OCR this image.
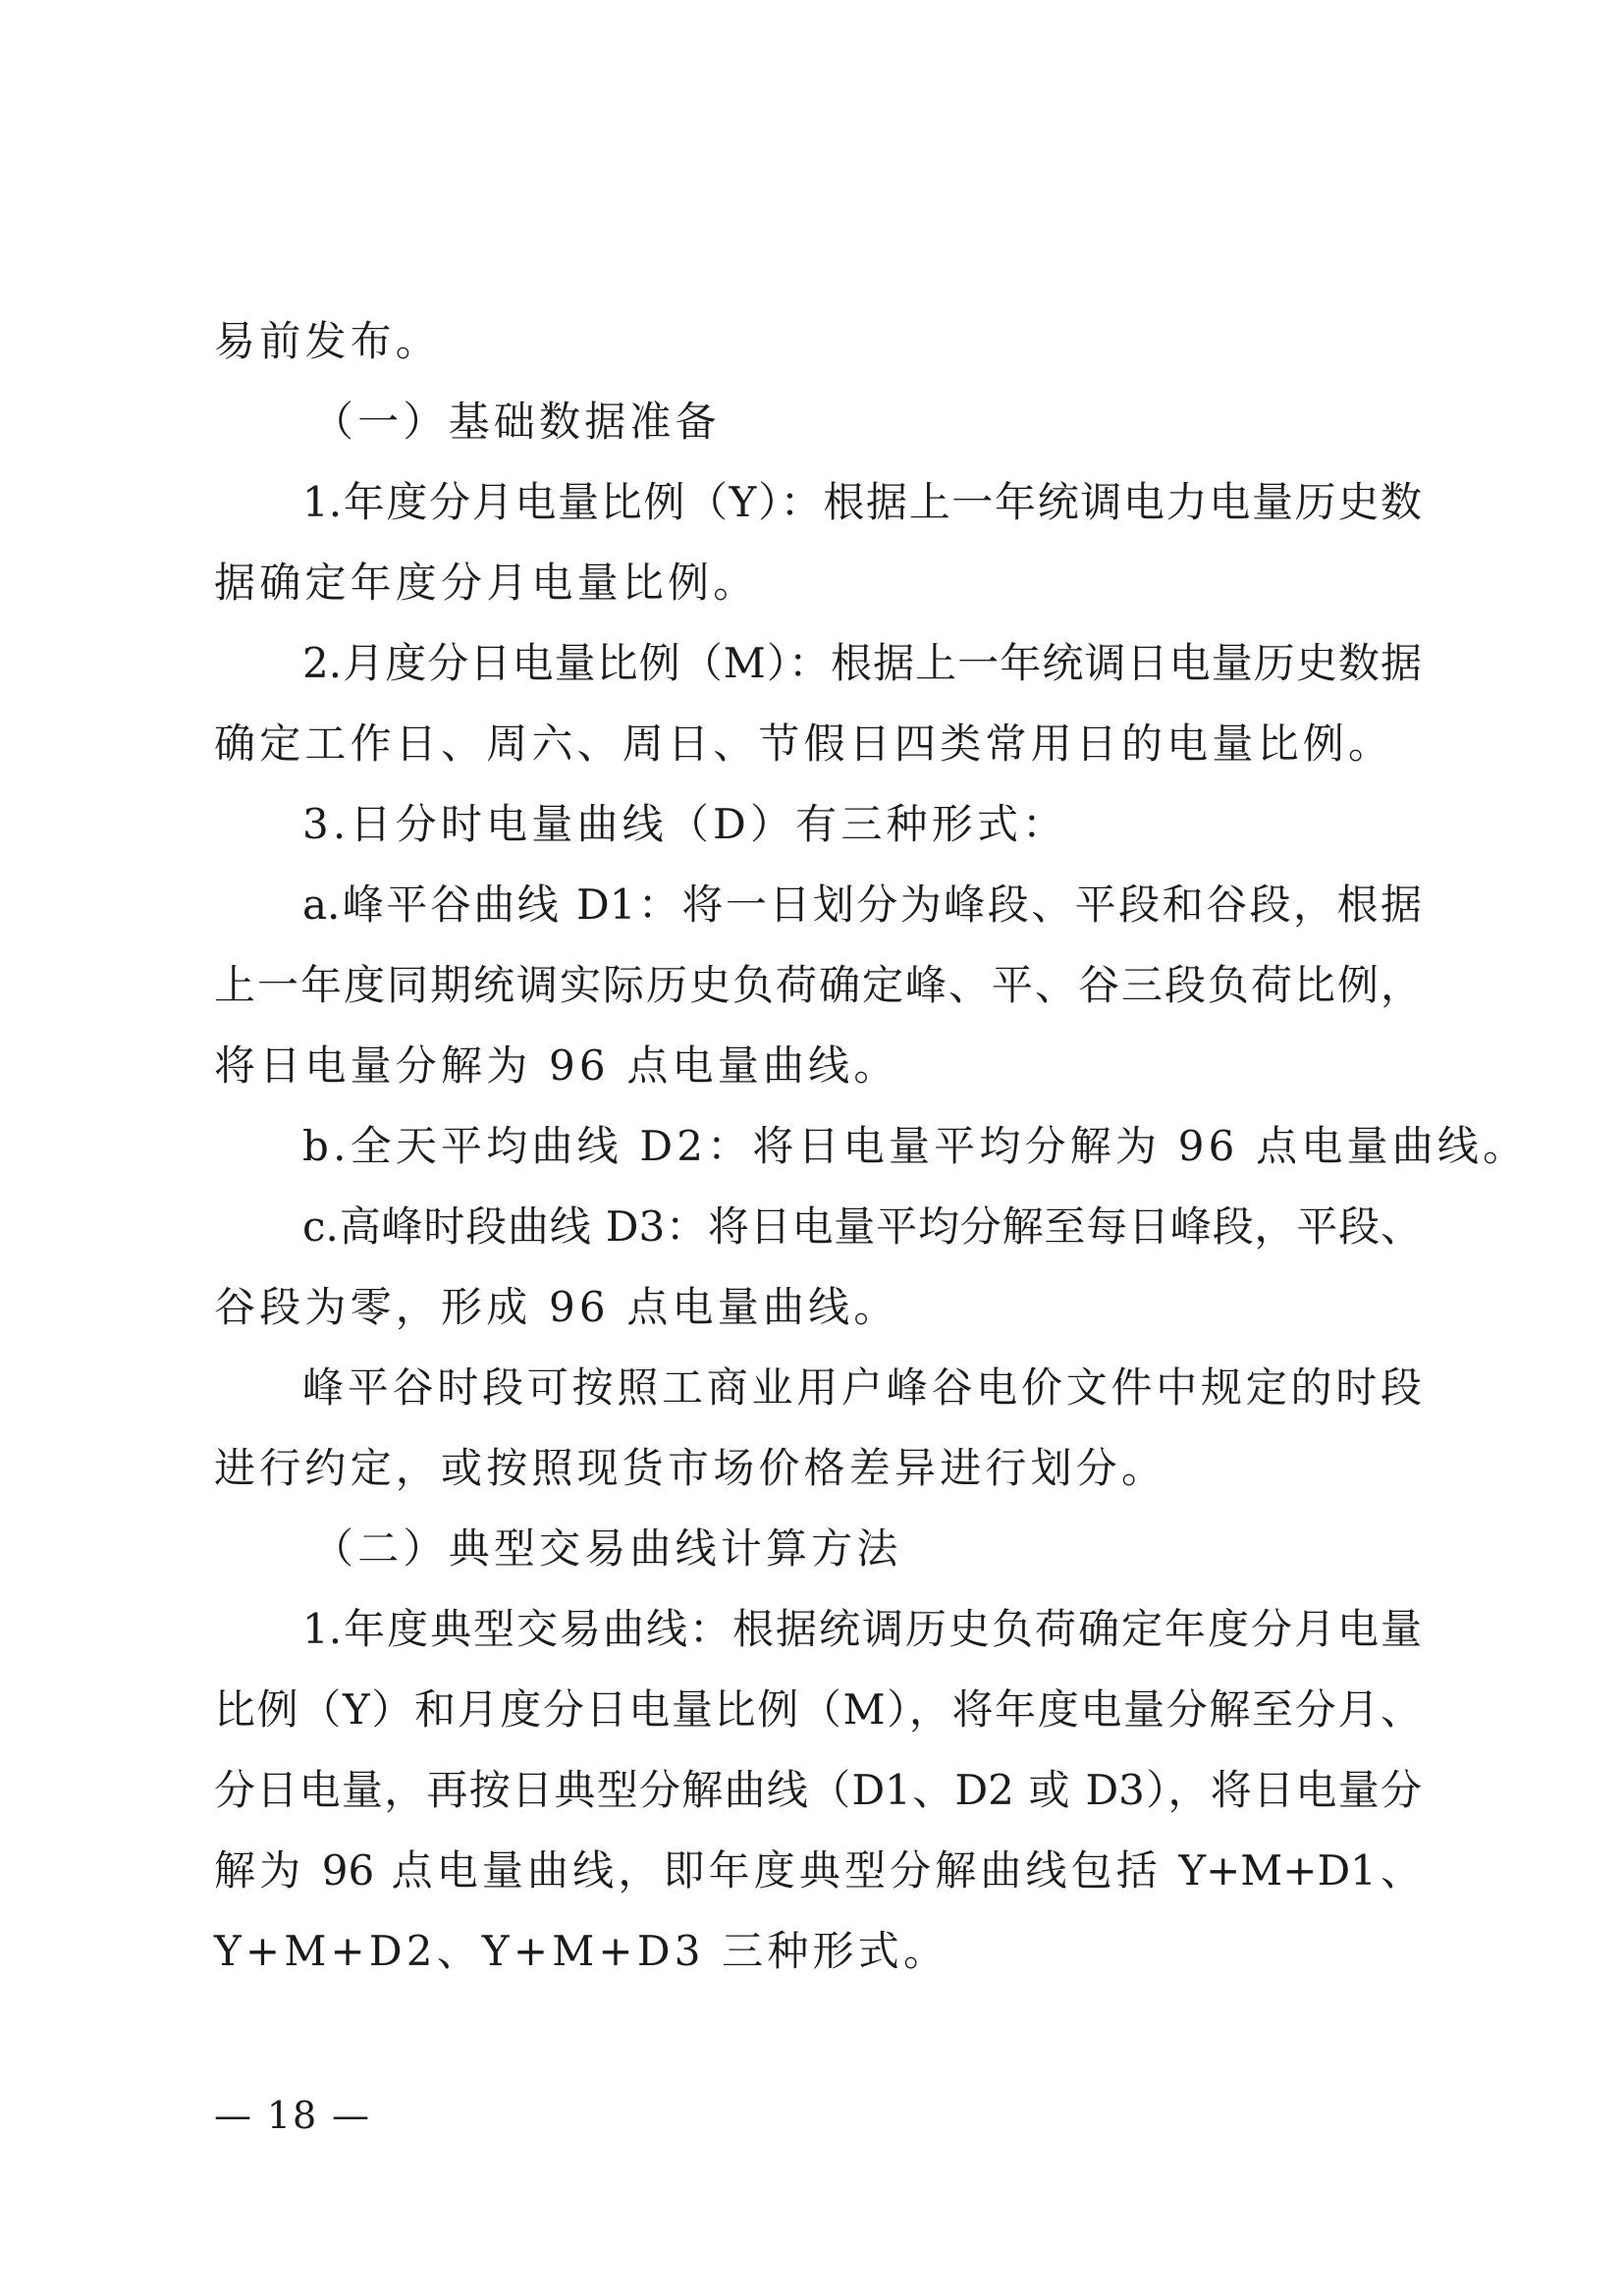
易前发布。

（一）基础数据准备

1.年度分月电量比例（Y）：根据上一年统调电力电量历史数

据确定年度分月电量比例。

2.月度分日电量比例（M）：根据上一年统调日电量历史数据

确定工作日、周六、周日、节假日四类常用日的电量比例。

3.日分时电量曲线（D）有三种形式：

a.峰平谷曲线 D1：将一日划分为峰段、平段和谷段，根据

上一年度同期统调实际历史负荷确定峰、平、谷三段负荷比例，

将日电量分解为 96 点电量曲线。

b.全天平均曲线 D2：将日电量平均分解为 96 点电量曲线。

c.高峰时段曲线 D3：将日电量平均分解至每日峰段，平段、

谷段为零，形成 96 点电量曲线。

峰平谷时段可按照工商业用户峰谷电价文件中规定的时段

进行约定，或按照现货市场价格差异进行划分。

（二）典型交易曲线计算方法

1.年度典型交易曲线：根据统调历史负荷确定年度分月电量

比例（Y）和月度分日电量比例（M），将年度电量分解至分月、

分日电量，再按日典型分解曲线（D1、D2 或 D3），将日电量分

解为 96 点电量曲线，即年度典型分解曲线包括 Y+M+D1、

Y+M+D2、Y+M+D3 三种形式。

— 18 —
